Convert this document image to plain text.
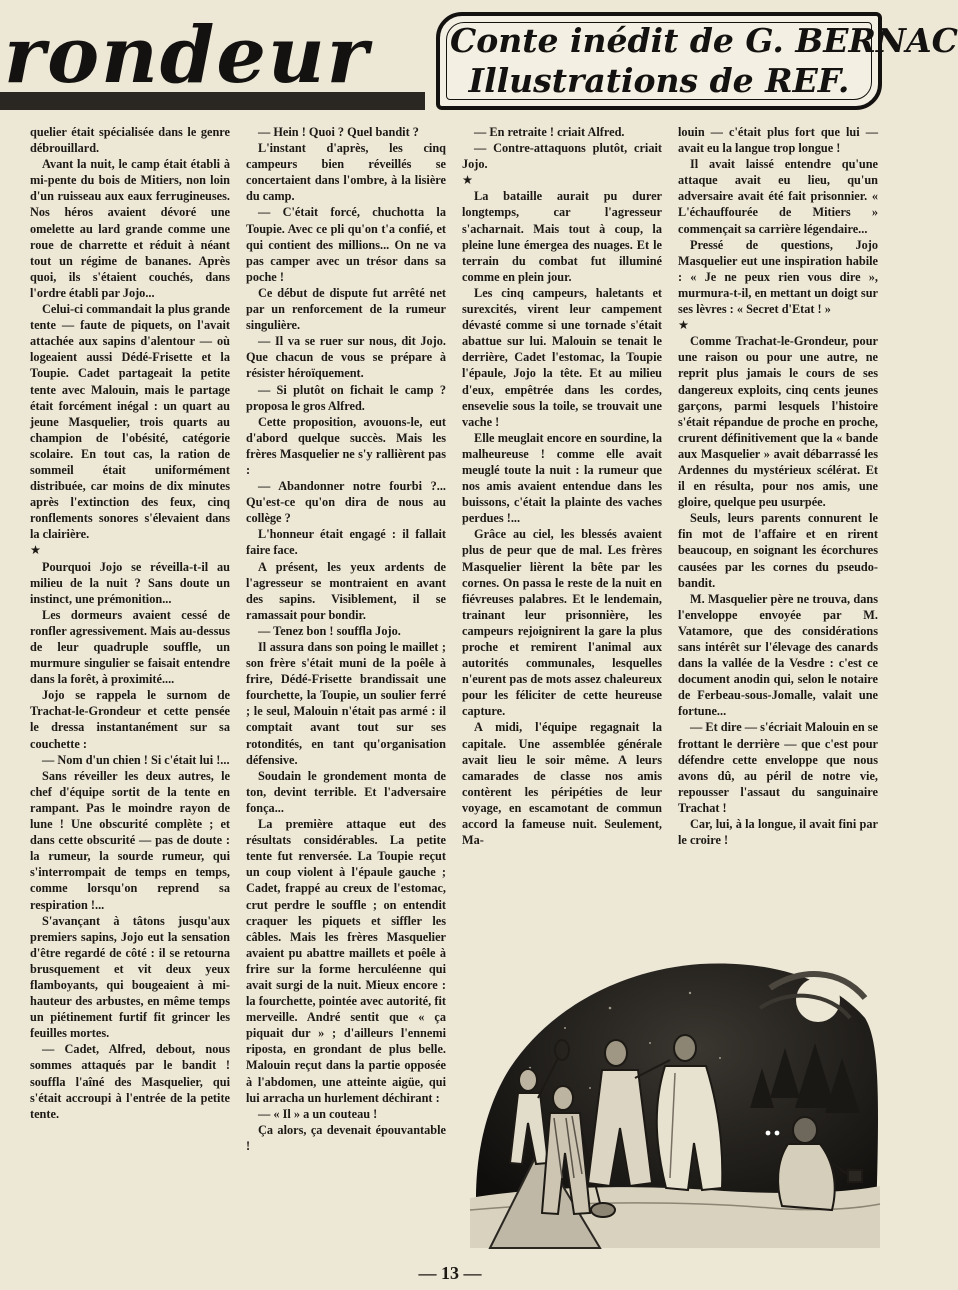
rondeur Conte inédit de G. BERNAC

Illustrations de REF.

quelier était spécialisée dans le genre débrouillard.

Avant la nuit, le camp était établi à mi-pente du bois de Mitiers, non loin d'un ruisseau aux eaux ferrugineuses. Nos héros avaient dévoré une omelette au lard grande comme une roue de charrette et réduit à néant tout un régime de bananes. Après quoi, ils s'étaient couchés, dans l'ordre établi par Jojo...

Celui-ci commandait la plus grande tente — faute de piquets, on l'avait attachée aux sapins d'alentour — où logeaient aussi Dédé-Frisette et la Toupie. Cadet partageait la petite tente avec Malouin, mais le partage était forcément inégal : un quart au jeune Masquelier, trois quarts au champion de l'obésité, catégorie scolaire. En tout cas, la ration de sommeil était uniformément distribuée, car moins de dix minutes après l'extinction des feux, cinq ronflements sonores s'élevaient dans la clairière.

★

Pourquoi Jojo se réveilla-t-il au milieu de la nuit ? Sans doute un instinct, une prémonition...

Les dormeurs avaient cessé de ronfler agressivement. Mais au-dessus de leur quadruple souffle, un murmure singulier se faisait entendre dans la forêt, à proximité....

Jojo se rappela le surnom de Trachat-le-Grondeur et cette pensée le dressa instantanément sur sa couchette :

— Nom d'un chien ! Si c'était lui !...

Sans réveiller les deux autres, le chef d'équipe sortit de la tente en rampant. Pas le moindre rayon de lune ! Une obscurité complète ; et dans cette obscurité — pas de doute : la rumeur, la sourde rumeur, qui s'interrompait de temps en temps, comme lorsqu'on reprend sa respiration !...

S'avançant à tâtons jusqu'aux premiers sapins, Jojo eut la sensation d'être regardé de côté : il se retourna brusquement et vit deux yeux flamboyants, qui bougeaient à mi-hauteur des arbustes, en même temps un piétinement furtif fit grincer les feuilles mortes.

— Cadet, Alfred, debout, nous sommes attaqués par le bandit ! souffla l'aîné des Masquelier, qui s'était accroupi à l'entrée de la petite tente.

— Hein ! Quoi ? Quel bandit ?

L'instant d'après, les cinq campeurs bien réveillés se concertaient dans l'ombre, à la lisière du camp.

— C'était forcé, chuchotta la Toupie. Avec ce pli qu'on t'a confié, et qui contient des millions... On ne va pas camper avec un trésor dans sa poche !

Ce début de dispute fut arrêté net par un renforcement de la rumeur singulière.

— Il va se ruer sur nous, dit Jojo. Que chacun de vous se prépare à résister héroïquement.

— Si plutôt on fichait le camp ? proposa le gros Alfred.

Cette proposition, avouons-le, eut d'abord quelque succès. Mais les frères Masquelier ne s'y rallièrent pas :

— Abandonner notre fourbi ?... Qu'est-ce qu'on dira de nous au collège ?

L'honneur était engagé : il fallait faire face.

A présent, les yeux ardents de l'agresseur se montraient en avant des sapins. Visiblement, il se ramassait pour bondir.

— Tenez bon ! souffla Jojo.

Il assura dans son poing le maillet ; son frère s'était muni de la poêle à frire, Dédé-Frisette brandissait une fourchette, la Toupie, un soulier ferré ; le seul, Malouin n'était pas armé : il comptait avant tout sur ses rotondités, en tant qu'organisation défensive.

Soudain le grondement monta de ton, devint terrible. Et l'adversaire fonça...

La première attaque eut des résultats considérables. La petite tente fut renversée. La Toupie reçut un coup violent à l'épaule gauche ; Cadet, frappé au creux de l'estomac, crut perdre le souffle ; on entendit craquer les piquets et siffler les câbles. Mais les frères Masquelier avaient pu abattre maillets et poêle à frire sur la forme herculéenne qui avait surgi de la nuit. Mieux encore : la fourchette, pointée avec autorité, fit merveille. André sentit que « ça piquait dur » ; d'ailleurs l'ennemi riposta, en grondant de plus belle. Malouin reçut dans la partie opposée à l'abdomen, une atteinte aigüe, qui lui arracha un hurlement déchirant :

— « Il » a un couteau !

Ça alors, ça devenait épouvantable !

— En retraite ! criait Alfred.

— Contre-attaquons plutôt, criait Jojo.

★

La bataille aurait pu durer longtemps, car l'agresseur s'acharnait. Mais tout à coup, la pleine lune émergea des nuages. Et le terrain du combat fut illuminé comme en plein jour.

Les cinq campeurs, haletants et surexcités, virent leur campement dévasté comme si une tornade s'était abattue sur lui. Malouin se tenait le derrière, Cadet l'estomac, la Toupie l'épaule, Jojo la tête. Et au milieu d'eux, empêtrée dans les cordes, ensevelie sous la toile, se trouvait une vache !

Elle meuglait encore en sourdine, la malheureuse ! comme elle avait meuglé toute la nuit : la rumeur que nos amis avaient entendue dans les buissons, c'était la plainte des vaches perdues !...

Grâce au ciel, les blessés avaient plus de peur que de mal. Les frères Masquelier lièrent la bête par les cornes. On passa le reste de la nuit en fiévreuses palabres. Et le lendemain, trainant leur prisonnière, les campeurs rejoignirent la gare la plus proche et remirent l'animal aux autorités communales, lesquelles n'eurent pas de mots assez chaleureux pour les féliciter de cette heureuse capture.

A midi, l'équipe regagnait la capitale. Une assemblée générale avait lieu le soir même. A leurs camarades de classe nos amis contèrent les péripéties de leur voyage, en escamotant de commun accord la fameuse nuit. Seulement, Ma-

louin — c'était plus fort que lui — avait eu la langue trop longue !

Il avait laissé entendre qu'une attaque avait eu lieu, qu'un adversaire avait été fait prisonnier. « L'échauffourée de Mitiers » commençait sa carrière légendaire...

Pressé de questions, Jojo Masquelier eut une inspiration habile : « Je ne peux rien vous dire », murmura-t-il, en mettant un doigt sur ses lèvres : « Secret d'Etat ! »

★

Comme Trachat-le-Grondeur, pour une raison ou pour une autre, ne reprit plus jamais le cours de ses dangereux exploits, cinq cents jeunes garçons, parmi lesquels l'histoire s'était répandue de proche en proche, crurent définitivement que la « bande aux Masquelier » avait débarrassé les Ardennes du mystérieux scélérat. Et il en résulta, pour nos amis, une gloire, quelque peu usurpée.

Seuls, leurs parents connurent le fin mot de l'affaire et en rirent beaucoup, en soignant les écorchures causées par les cornes du pseudo-bandit.

M. Masquelier père ne trouva, dans l'enveloppe envoyée par M. Vatamore, que des considérations sans intérêt sur l'élevage des canards dans la vallée de la Vesdre : c'est ce document anodin qui, selon le notaire de Ferbeau-sous-Jomalle, valait une fortune...

— Et dire — s'écriait Malouin en se frottant le derrière — que c'est pour défendre cette enveloppe que nous avons dû, au péril de notre vie, repousser l'assaut du sanguinaire Trachat !

Car, lui, à la longue, il avait fini par le croire !

— 13 —
